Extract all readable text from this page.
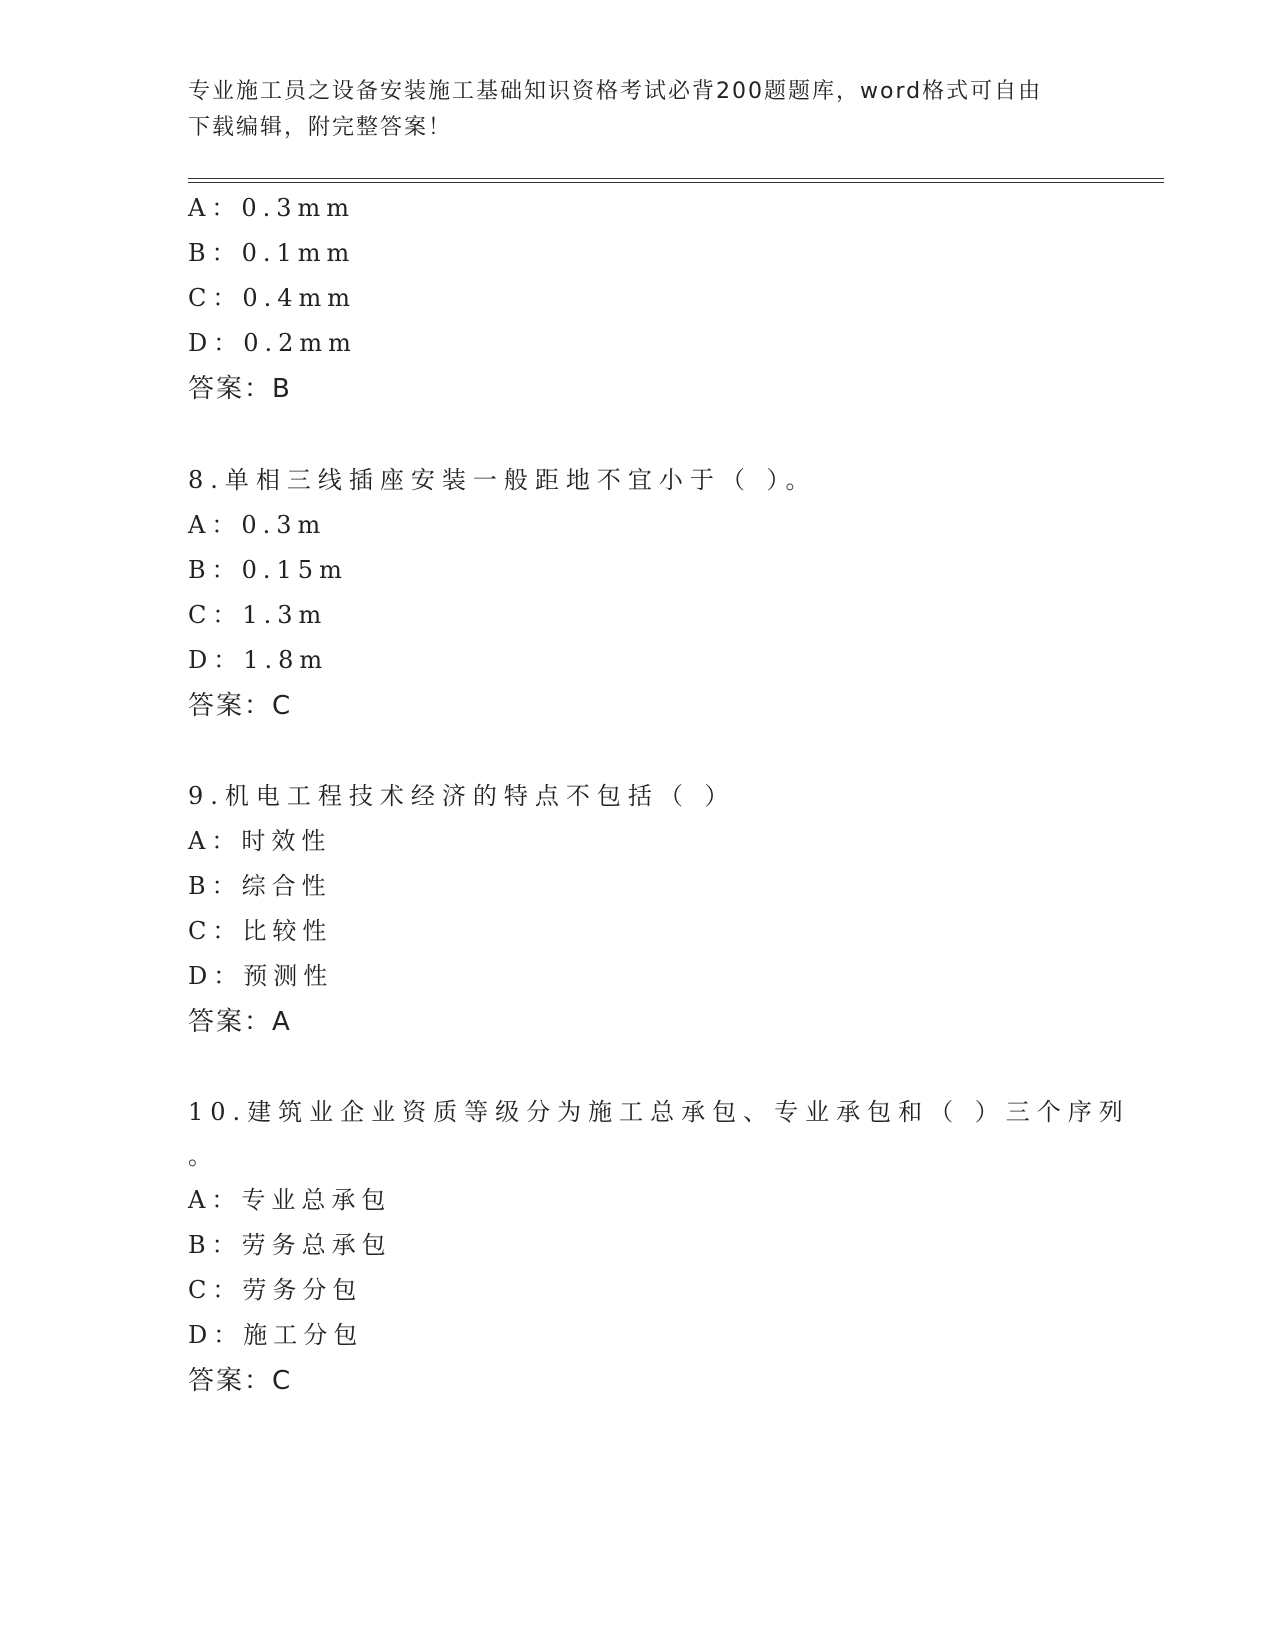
专业施工员之设备安装施工基础知识资格考试必背200题题库，word格式可自由
下载编辑，附完整答案！
A：0.3mm
B：0.1mm
C：0.4mm
D：0.2mm
答案：B
8.单相三线插座安装一般距地不宜小于（ ）。
A：0.3m
B：0.15m
C：1.3m
D：1.8m
答案：C
9.机电工程技术经济的特点不包括（ ）
A：时效性
B：综合性
C：比较性
D：预测性
答案：A
10.建筑业企业资质等级分为施工总承包、专业承包和（ ）三个序列
。
A：专业总承包
B：劳务总承包
C：劳务分包
D：施工分包
答案：C
